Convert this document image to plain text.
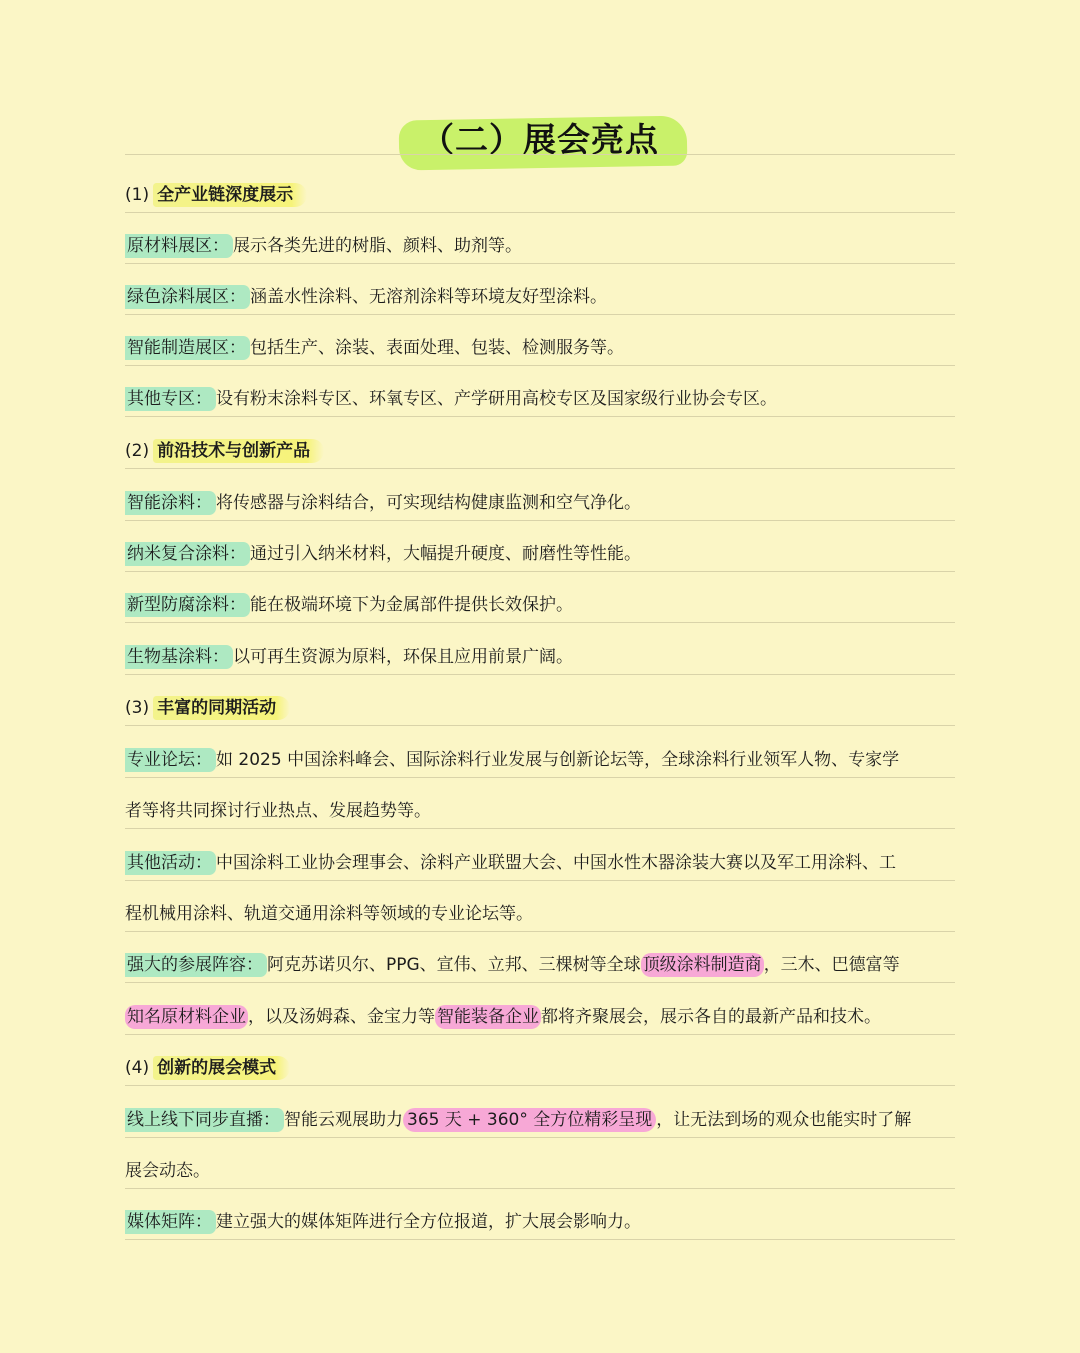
（二）展会亮点
(1) 全产业链深度展示
原材料展区： 展示各类先进的树脂、颜料、助剂等。
绿色涂料展区： 涵盖水性涂料、无溶剂涂料等环境友好型涂料。
智能制造展区： 包括生产、涂装、表面处理、包装、检测服务等。
其他专区： 设有粉末涂料专区、环氧专区、产学研用高校专区及国家级行业协会专区。
(2) 前沿技术与创新产品
智能涂料： 将传感器与涂料结合，可实现结构健康监测和空气净化。
纳米复合涂料： 通过引入纳米材料，大幅提升硬度、耐磨性等性能。
新型防腐涂料： 能在极端环境下为金属部件提供长效保护。
生物基涂料： 以可再生资源为原料，环保且应用前景广阔。
(3) 丰富的同期活动
专业论坛： 如 2025 中国涂料峰会、国际涂料行业发展与创新论坛等，全球涂料行业领军人物、专家学
者等将共同探讨行业热点、发展趋势等。
其他活动： 中国涂料工业协会理事会、涂料产业联盟大会、中国水性木器涂装大赛以及军工用涂料、工
程机械用涂料、轨道交通用涂料等领域的专业论坛等。
强大的参展阵容： 阿克苏诺贝尔、PPG、宣伟、立邦、三棵树等全球 顶级涂料制造商 ，三木、巴德富等
知名原材料企业 ，以及汤姆森、金宝力等 智能装备企业 都将齐聚展会，展示各自的最新产品和技术。
(4) 创新的展会模式
线上线下同步直播： 智能云观展助力 365 天 + 360° 全方位精彩呈现 ，让无法到场的观众也能实时了解
展会动态。
媒体矩阵： 建立强大的媒体矩阵进行全方位报道，扩大展会影响力。
